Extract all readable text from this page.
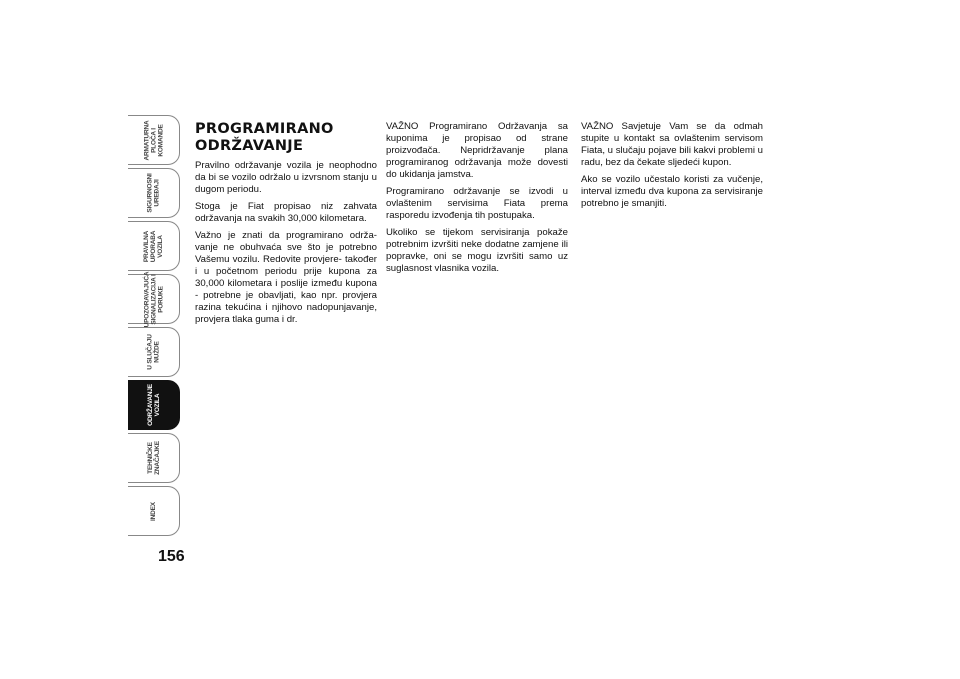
ARMATURNA
PLOČA I
KOMANDE
SIGURNOSNI
UREĐAJI
PRAVILNA
UPORABA
VOZILA
UPOZORAVAJUĆA
SIGNALIZACIJA I
PORUKE
U SLUČAJU
NUŽDE
ODRŽAVANJE
VOZILA
TEHNIČKE
ZNAČAJKE
INDEX
156
PROGRAMIRANO ODRŽAVANJE

Pravilno održavanje vozila je neophodno da bi se vozilo održalo u izvrsnom stanju u dugom periodu.

Stoga je Fiat propisao niz zahvata održavanja na svakih 30,000 kilometara.

Važno je znati da programirano održa-vanje ne obuhvaća sve što je potrebno Vašemu vozilu. Redovite provjere- također i u početnom periodu prije kupona za 30,000 kilometara i poslije između kupona - potrebne je obavljati, kao npr. provjera razina tekućina i njihovo nadopunjavanje, provjera tlaka guma i dr.

VAŽNO Programirano Održavanja sa kuponima je propisao od strane proizvođača. Nepridržavanje plana programiranog održavanja može dovesti do ukidanja jamstva.

Programirano održavanje se izvodi u ovlaštenim servisima Fiata prema rasporedu izvođenja tih postupaka.

Ukoliko se tijekom servisiranja pokaže potrebnim izvršiti neke dodatne zamjene ili popravke, oni se mogu izvršiti samo uz suglasnost vlasnika vozila.

VAŽNO Savjetuje Vam se da odmah stupite u kontakt sa ovlaštenim servisom Fiata, u slučaju pojave bili kakvi problemi u radu, bez da čekate sljedeći kupon.

Ako se vozilo učestalo koristi za vučenje, interval između dva kupona za servisiranje potrebno je smanjiti.
